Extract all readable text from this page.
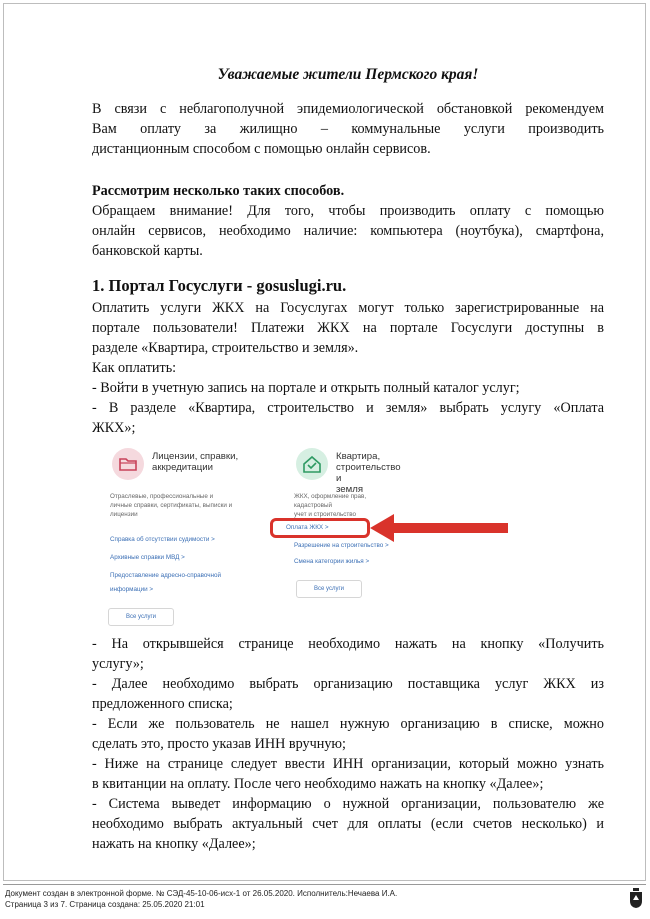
Уважаемые жители Пермского края!
В связи с неблагополучной эпидемиологической обстановкой рекомендуем
Вам оплату за жилищно – коммунальные услуги производить
дистанционным способом с помощью онлайн сервисов.
Рассмотрим несколько таких способов.
Обращаем внимание! Для того, чтобы производить оплату с помощью
онлайн сервисов, необходимо наличие: компьютера (ноутбука), смартфона,
банковской карты.
1. Портал Госуслуги - gosuslugi.ru.
Оплатить услуги ЖКХ на Госуслугах могут только зарегистрированные на
портале пользователи! Платежи ЖКХ на портале Госуслуги доступны в
разделе «Квартира, строительство и земля».
Как оплатить:
- Войти в учетную запись на портале и открыть полный каталог услуг;
- В разделе «Квартира, строительство и земля» выбрать услугу «Оплата
ЖКХ»;
- На открывшейся странице необходимо нажать на кнопку «Получить
услугу»;
- Далее необходимо выбрать организацию поставщика услуг ЖКХ из
предложенного списка;
- Если же пользователь не нашел нужную организацию в списке, можно
сделать это, просто указав ИНН вручную;
- Ниже на странице следует ввести ИНН организации, который можно узнать
в квитанции на оплату. После чего необходимо нажать на кнопку «Далее»;
- Система выведет информацию о нужной организации, пользователю же
необходимо выбрать актуальный счет для оплаты (если счетов несколько) и
нажать на кнопку «Далее»;
Лицензии, справки,
аккредитации
Отраслевые, профессиональные и
личные справки, сертификаты, выписки и
лицензии
Справка об отсутствии судимости >
Архивные справки МВД >
Предоставление адресно-справочной
информации >
Все услуги
Квартира,
строительство и
земля
ЖКХ, оформление прав, кадастровый
учет и строительство
Оплата ЖКХ >
Разрешение на строительство >
Смена категории жилья >
Все услуги
Документ создан в электронной форме. № СЭД-45-10-06-исх-1 от 26.05.2020. Исполнитель:Нечаева И.А.
Страница 3 из 7. Страница создана: 25.05.2020 21:01
